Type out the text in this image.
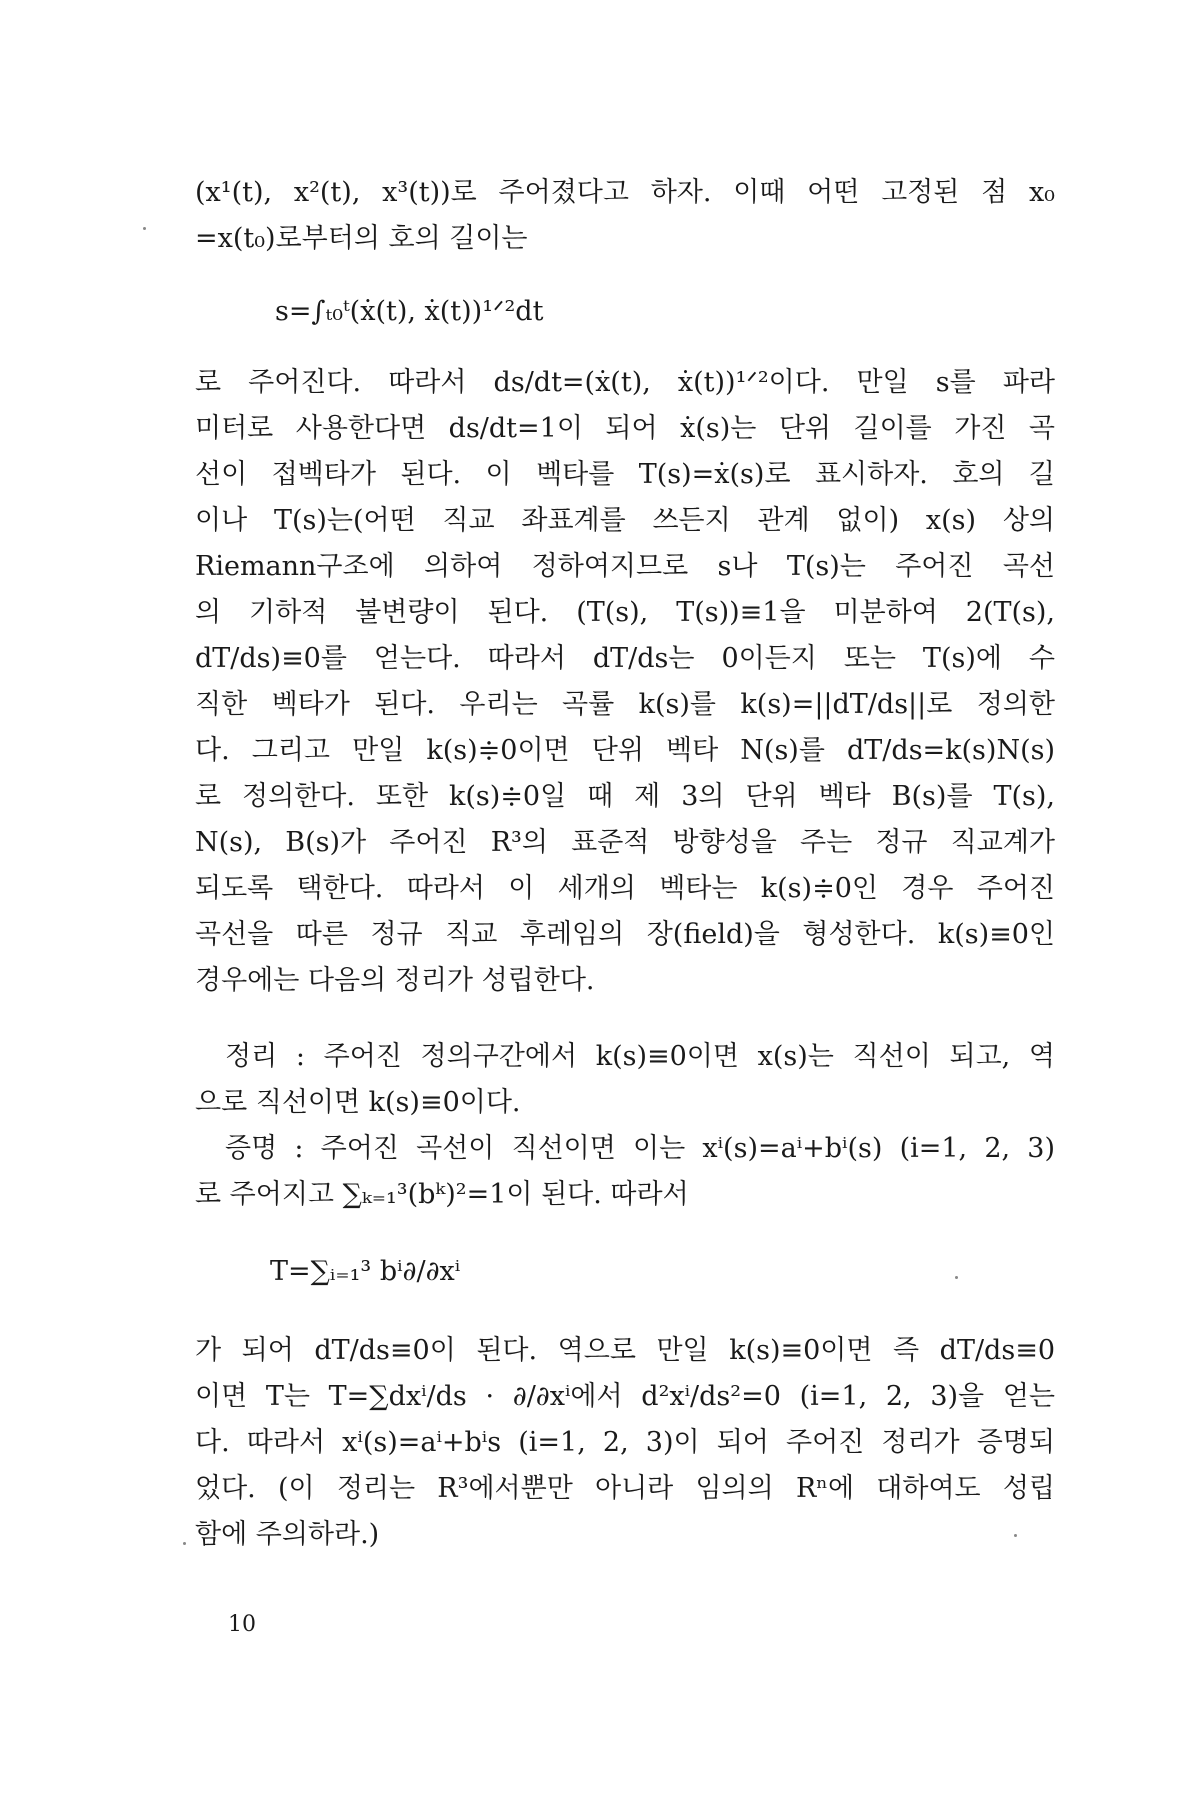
(x¹(t), x²(t), x³(t))로 주어졌다고 하자. 이때 어떤 고정된 점 x₀
=x(t₀)로부터의 호의 길이는
s=∫ₜ₀ᵗ(ẋ(t), ẋ(t))¹ᐟ²dt
로 주어진다. 따라서 ds/dt=(ẋ(t), ẋ(t))¹ᐟ²이다. 만일 s를 파라
미터로 사용한다면 ds/dt=1이 되어 ẋ(s)는 단위 길이를 가진 곡
선이 접벡타가 된다. 이 벡타를 T(s)=ẋ(s)로 표시하자. 호의 길
이나 T(s)는(어떤 직교 좌표계를 쓰든지 관계 없이) x(s) 상의
Riemann구조에 의하여 정하여지므로 s나 T(s)는 주어진 곡선
의 기하적 불변량이 된다. (T(s), T(s))≡1을 미분하여 2(T(s),
dT/ds)≡0를 얻는다. 따라서 dT/ds는 0이든지 또는 T(s)에 수
직한 벡타가 된다. 우리는 곡률 k(s)를 k(s)=||dT/ds||로 정의한
다. 그리고 만일 k(s)≑0이면 단위 벡타 N(s)를 dT/ds=k(s)N(s)
로 정의한다. 또한 k(s)≑0일 때 제 3의 단위 벡타 B(s)를 T(s),
N(s), B(s)가 주어진 R³의 표준적 방향성을 주는 정규 직교계가
되도록 택한다. 따라서 이 세개의 벡타는 k(s)≑0인 경우 주어진
곡선을 따른 정규 직교 후레임의 장(field)을 형성한다. k(s)≡0인
경우에는 다음의 정리가 성립한다.
정리 : 주어진 정의구간에서 k(s)≡0이면 x(s)는 직선이 되고, 역
으로 직선이면 k(s)≡0이다.
증명 : 주어진 곡선이 직선이면 이는 xⁱ(s)=aⁱ+bⁱ(s) (i=1, 2, 3)
로 주어지고 ∑ₖ₌₁³(bᵏ)²=1이 된다. 따라서
T=∑ᵢ₌₁³ bⁱ∂/∂xⁱ
가 되어 dT/ds≡0이 된다. 역으로 만일 k(s)≡0이면 즉 dT/ds≡0
이면 T는 T=∑dxⁱ/ds · ∂/∂xⁱ에서 d²xⁱ/ds²=0 (i=1, 2, 3)을 얻는
다. 따라서 xⁱ(s)=aⁱ+bⁱs (i=1, 2, 3)이 되어 주어진 정리가 증명되
었다. (이 정리는 R³에서뿐만 아니라 임의의 Rⁿ에 대하여도 성립
함에 주의하라.)
10
